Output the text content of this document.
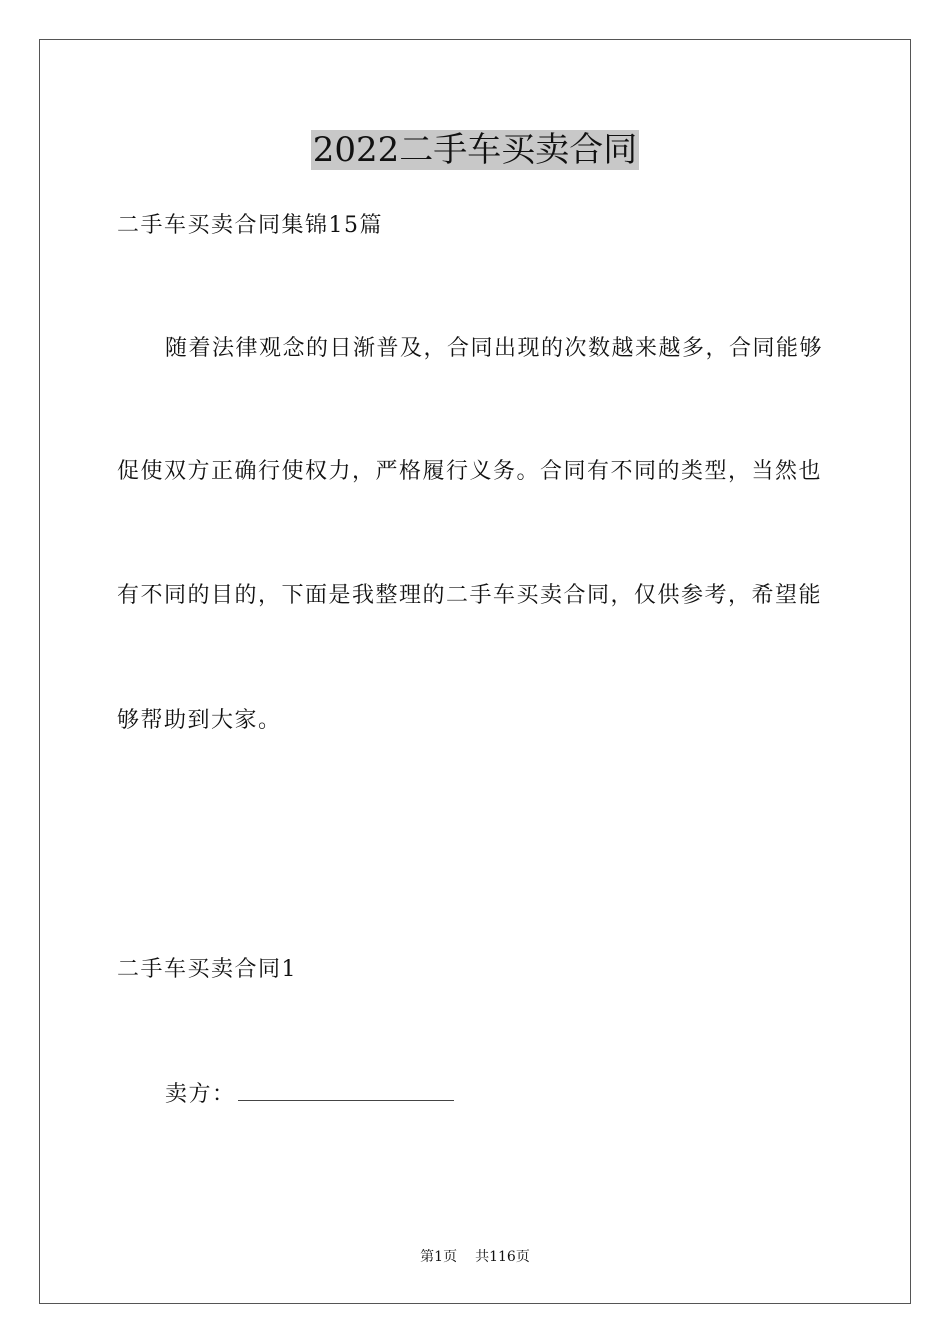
2022二手车买卖合同
二手车买卖合同集锦15篇
随着法律观念的日渐普及，合同出现的次数越来越多，合同能够
促使双方正确行使权力，严格履行义务。合同有不同的类型，当然也
有不同的目的，下面是我整理的二手车买卖合同，仅供参考，希望能
够帮助到大家。
二手车买卖合同1
卖方：
第1页 共116页
